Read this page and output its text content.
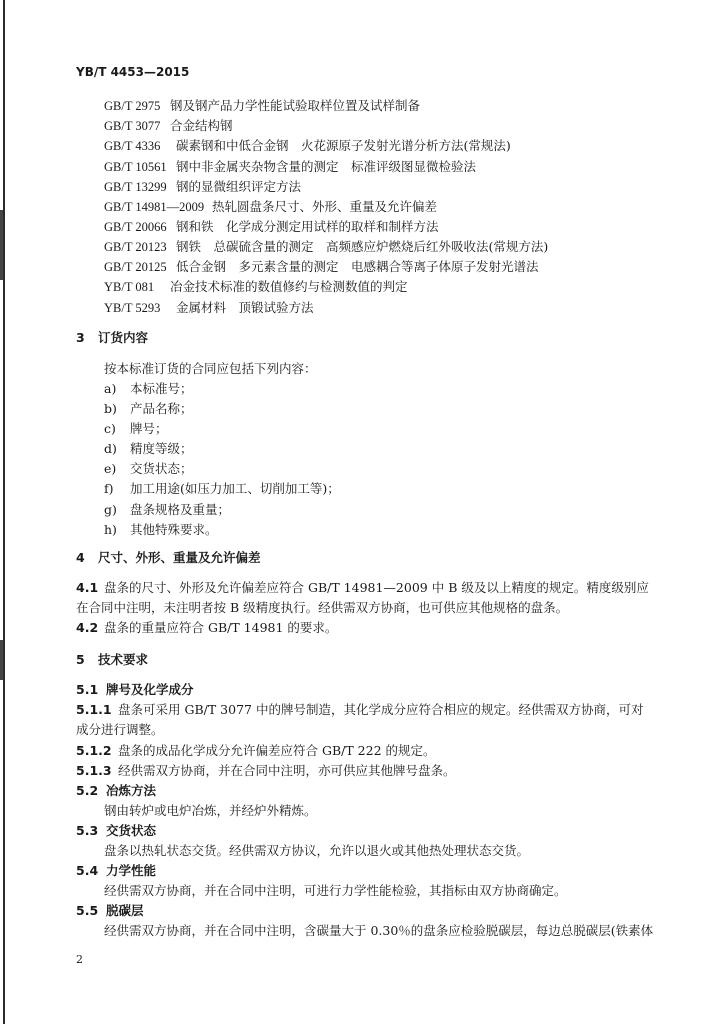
YB/T 4453—2015
GB/T 2975 钢及钢产品力学性能试验取样位置及试样制备
GB/T 3077 合金结构钢
GB/T 4336 碳素钢和中低合金钢　火花源原子发射光谱分析方法(常规法)
GB/T 10561 钢中非金属夹杂物含量的测定　标准评级图显微检验法
GB/T 13299 钢的显微组织评定方法
GB/T 14981—2009 热轧圆盘条尺寸、外形、重量及允许偏差
GB/T 20066 钢和铁　化学成分测定用试样的取样和制样方法
GB/T 20123 钢铁　总碳硫含量的测定　高频感应炉燃烧后红外吸收法(常规方法)
GB/T 20125 低合金钢　多元素含量的测定　电感耦合等离子体原子发射光谱法
YB/T 081 冶金技术标准的数值修约与检测数值的判定
YB/T 5293 金属材料　顶锻试验方法
3 订货内容
按本标准订货的合同应包括下列内容：
a) 本标准号；
b) 产品名称；
c) 牌号；
d) 精度等级；
e) 交货状态；
f) 加工用途(如压力加工、切削加工等)；
g) 盘条规格及重量；
h) 其他特殊要求。
4 尺寸、外形、重量及允许偏差
4.1 盘条的尺寸、外形及允许偏差应符合 GB/T 14981—2009 中 B 级及以上精度的规定。精度级别应
在合同中注明，未注明者按 B 级精度执行。经供需双方协商，也可供应其他规格的盘条。
4.2 盘条的重量应符合 GB/T 14981 的要求。
5 技术要求
5.1 牌号及化学成分
5.1.1 盘条可采用 GB/T 3077 中的牌号制造，其化学成分应符合相应的规定。经供需双方协商，可对
成分进行调整。
5.1.2 盘条的成品化学成分允许偏差应符合 GB/T 222 的规定。
5.1.3 经供需双方协商，并在合同中注明，亦可供应其他牌号盘条。
5.2 冶炼方法
钢由转炉或电炉冶炼，并经炉外精炼。
5.3 交货状态
盘条以热轧状态交货。经供需双方协议，允许以退火或其他热处理状态交货。
5.4 力学性能
经供需双方协商，并在合同中注明，可进行力学性能检验，其指标由双方协商确定。
5.5 脱碳层
经供需双方协商，并在合同中注明，含碳量大于 0.30％的盘条应检验脱碳层，每边总脱碳层(铁素体
2
